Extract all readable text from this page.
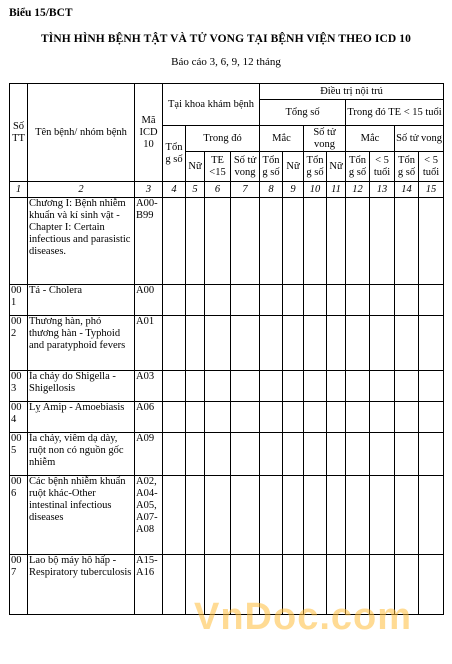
Biểu 15/BCT
TÌNH HÌNH BỆNH TẬT VÀ TỬ VONG TẠI BỆNH VIỆN THEO ICD 10
Báo cáo 3, 6, 9, 12 tháng
Số TT	Tên bệnh/ nhóm bệnh	Mã ICD 10	Tại khoa khám bệnh				Điều trị nội trú							
							Tổng số				Trong đó TE < 15 tuổi			
			Tổng số	Trong đó			Mắc		Số tử vong		Mắc		Số tử vong	
				Nữ	TE <15	Số tử vong	Tổng số	Nữ	Tổng số	Nữ	Tổng số	< 5 tuổi	Tổng số	< 5 tuổi
1	2	3	4	5	6	7	8	9	10	11	12	13	14	15
	Chương I: Bệnh nhiễm khuẩn và kí sinh vật - Chapter I: Certain infectious and parasistic diseases.	A00-B99												
001	Tả - Cholera	A00												
002	Thương hàn, phó thương hàn - Typhoid and paratyphoid fevers	A01												
003	Ỉa chảy do Shigella - Shigellosis	A03												
004	Lỵ Amip - Amoebiasis	A06												
005	Ỉa chảy, viêm dạ dày, ruột non có nguồn gốc nhiễm	A09												
006	Các bệnh nhiễm khuẩn ruột khác-Other intestinal infectious diseases	A02, A04-A05, A07-A08												
007	Lao bộ máy hô hấp -Respiratory tuberculosis	A15-A16												
VnDoc.com
